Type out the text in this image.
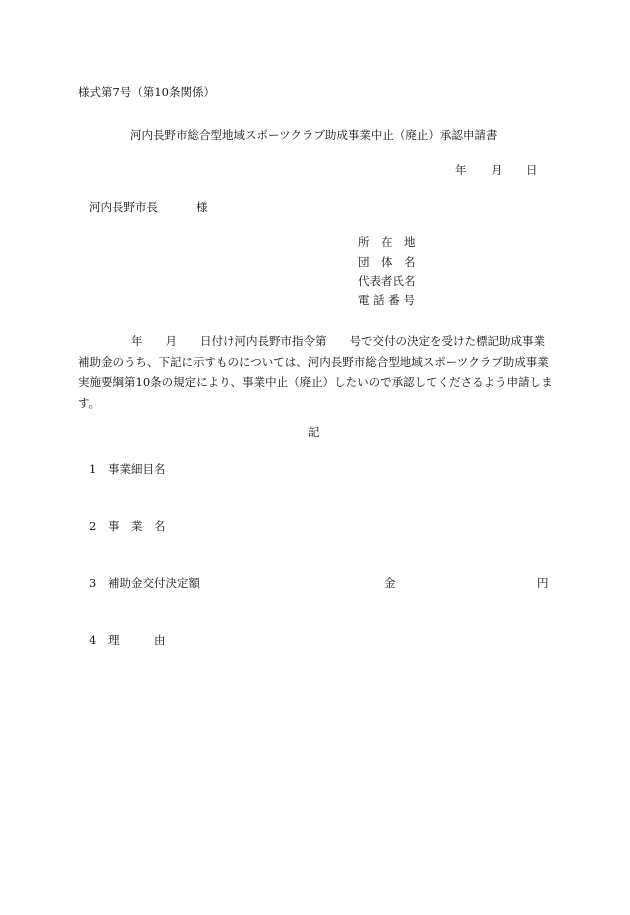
様式第7号（第10条関係）
河内長野市総合型地域スポーツクラブ助成事業中止（廃止）承認申請書
年 月 日
河内長野市長	様
所　在　地
団　体　名
代表者氏名
電 話 番 号
年　　月　　日付け河内長野市指令第　　号で交付の決定を受けた標記助成事業補助金のうち、下記に示すものについては、河内長野市総合型地域スポーツクラブ助成事業実施要綱第10条の規定により、事業中止（廃止）したいので承認してくださるよう申請します。
記
1 事業細目名
2 事　業　名
3 補助金交付決定額	金	円
4 理　　　由
